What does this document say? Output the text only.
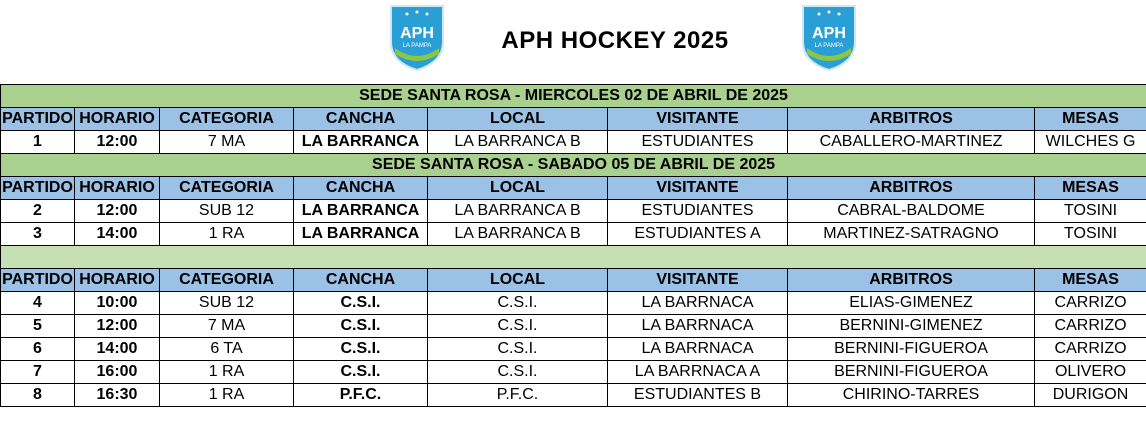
APH
LA PAMPA	APH HOCKEY 2025	APH
LA PAMPA
SEDE SANTA ROSA - MIERCOLES 02 DE ABRIL DE 2025							
PARTIDO	HORARIO	CATEGORIA	CANCHA	LOCAL	VISITANTE	ARBITROS	MESAS
1	12:00	7 MA	LA BARRANCA	LA BARRANCA B	ESTUDIANTES	CABALLERO-MARTINEZ	WILCHES G
SEDE SANTA ROSA - SABADO 05 DE ABRIL DE 2025							
PARTIDO	HORARIO	CATEGORIA	CANCHA	LOCAL	VISITANTE	ARBITROS	MESAS
2	12:00	SUB 12	LA BARRANCA	LA BARRANCA B	ESTUDIANTES	CABRAL-BALDOME	TOSINI
3	14:00	1 RA	LA BARRANCA	LA BARRANCA B	ESTUDIANTES A	MARTINEZ-SATRAGNO	TOSINI

PARTIDO	HORARIO	CATEGORIA	CANCHA	LOCAL	VISITANTE	ARBITROS	MESAS
4	10:00	SUB 12	C.S.I.	C.S.I.	LA BARRNACA	ELIAS-GIMENEZ	CARRIZO
5	12:00	7 MA	C.S.I.	C.S.I.	LA BARRNACA	BERNINI-GIMENEZ	CARRIZO
6	14:00	6 TA	C.S.I.	C.S.I.	LA BARRNACA	BERNINI-FIGUEROA	CARRIZO
7	16:00	1 RA	C.S.I.	C.S.I.	LA BARRNACA A	BERNINI-FIGUEROA	OLIVERO
8	16:30	1 RA	P.F.C.	P.F.C.	ESTUDIANTES B	CHIRINO-TARRES	DURIGON
